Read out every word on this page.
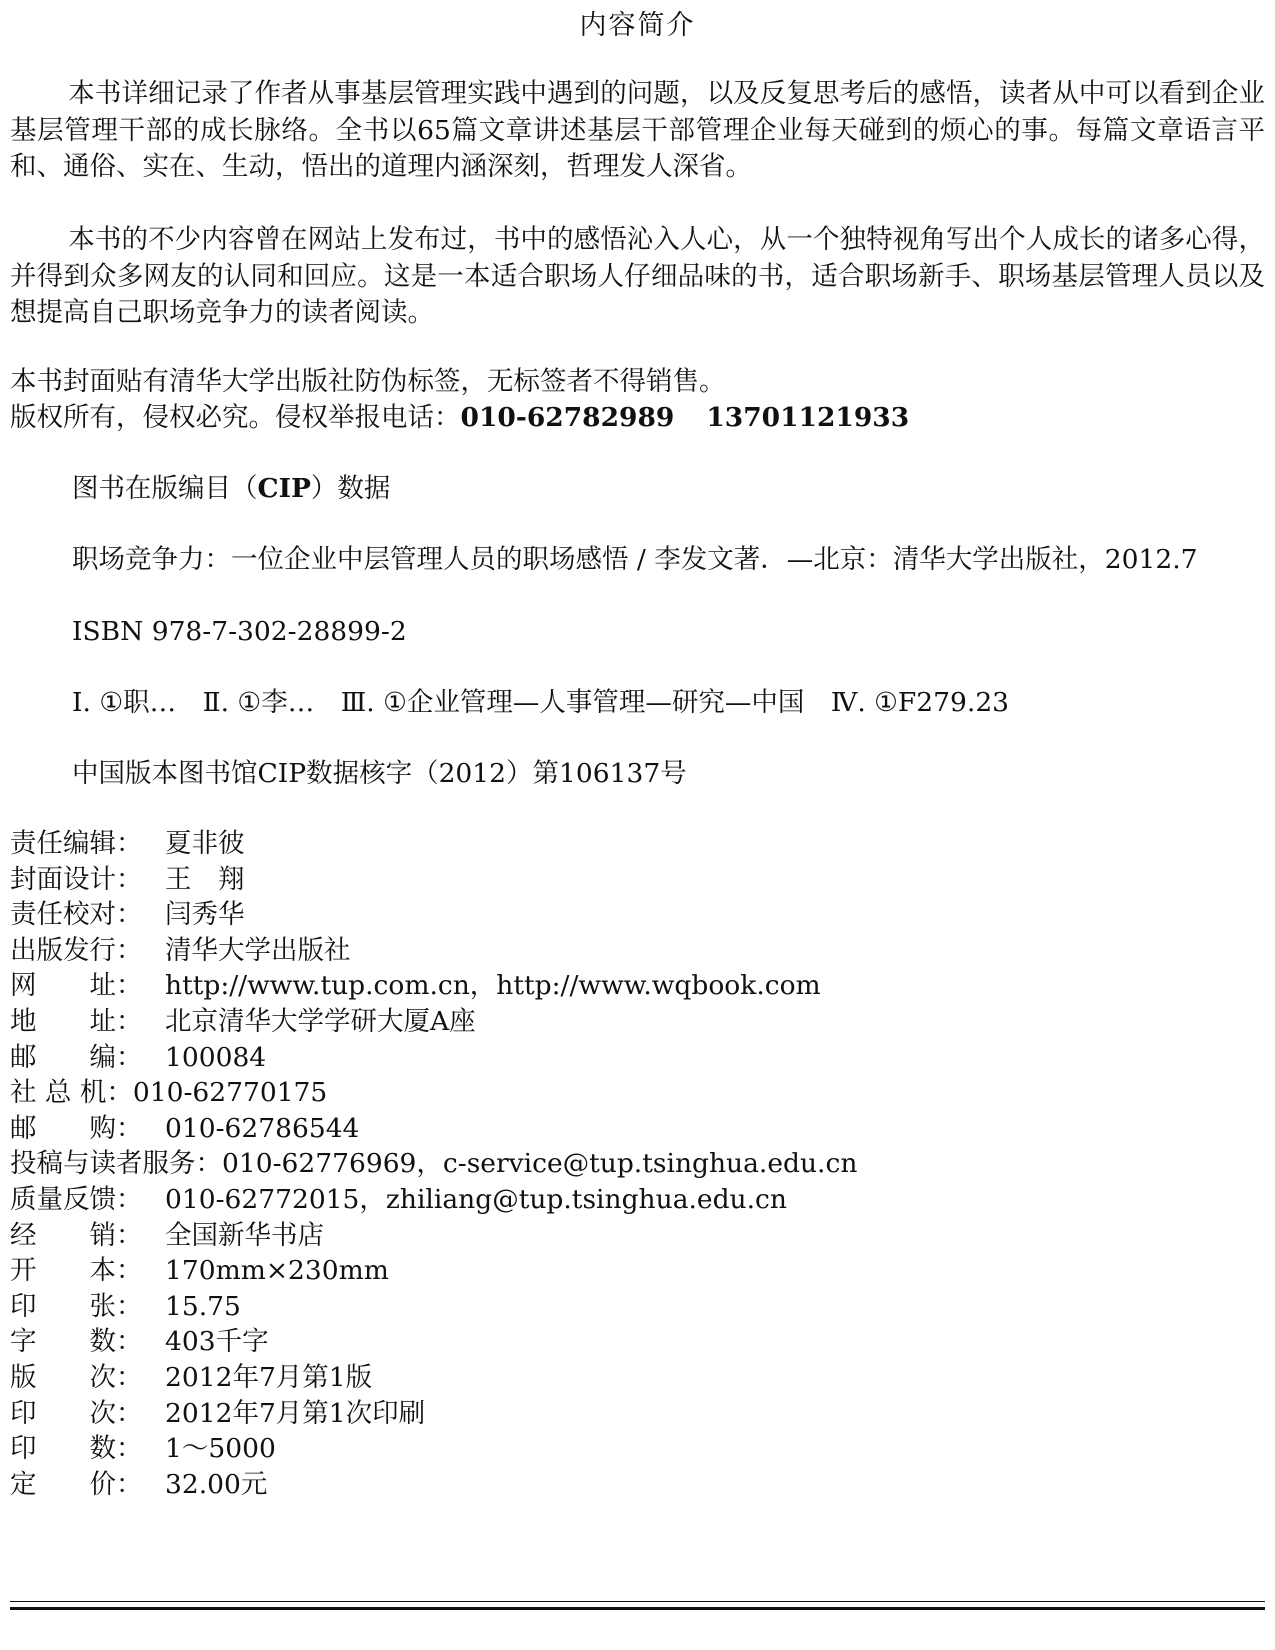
内容简介

本书详细记录了作者从事基层管理实践中遇到的问题，以及反复思考后的感悟，读者从中可以看到企业基层管理干部的成长脉络。全书以65篇文章讲述基层干部管理企业每天碰到的烦心的事。每篇文章语言平和、通俗、实在、生动，悟出的道理内涵深刻，哲理发人深省。

本书的不少内容曾在网站上发布过，书中的感悟沁入人心，从一个独特视角写出个人成长的诸多心得，并得到众多网友的认同和回应。这是一本适合职场人仔细品味的书，适合职场新手、职场基层管理人员以及想提高自己职场竞争力的读者阅读。

本书封面贴有清华大学出版社防伪标签，无标签者不得销售。
版权所有，侵权必究。侵权举报电话：010-62782989 13701121933
图书在版编目（CIP）数据

职场竞争力：一位企业中层管理人员的职场感悟 / 李发文著．—北京：清华大学出版社，2012.7

ISBN 978-7-302-28899-2
Ⅰ. ①职…　Ⅱ. ①李…　Ⅲ. ①企业管理—人事管理—研究—中国　Ⅳ. ①F279.23
中国版本图书馆CIP数据核字（2012）第106137号
责任编辑： 夏非彼
封面设计： 王　翔
责任校对： 闫秀华
出版发行： 清华大学出版社
网　　址： http://www.tup.com.cn，http://www.wqbook.com
地　　址： 北京清华大学学研大厦A座
邮　　编： 100084
社 总 机：010-62770175
邮　　购： 010-62786544
投稿与读者服务：010-62776969，c-service@tup.tsinghua.edu.cn
质量反馈： 010-62772015，zhiliang@tup.tsinghua.edu.cn
经　　销： 全国新华书店
开　　本： 170mm×230mm
印　　张： 15.75
字　　数： 403千字
版　　次： 2012年7月第1版
印　　次： 2012年7月第1次印刷
印　　数： 1～5000
定　　价： 32.00元
